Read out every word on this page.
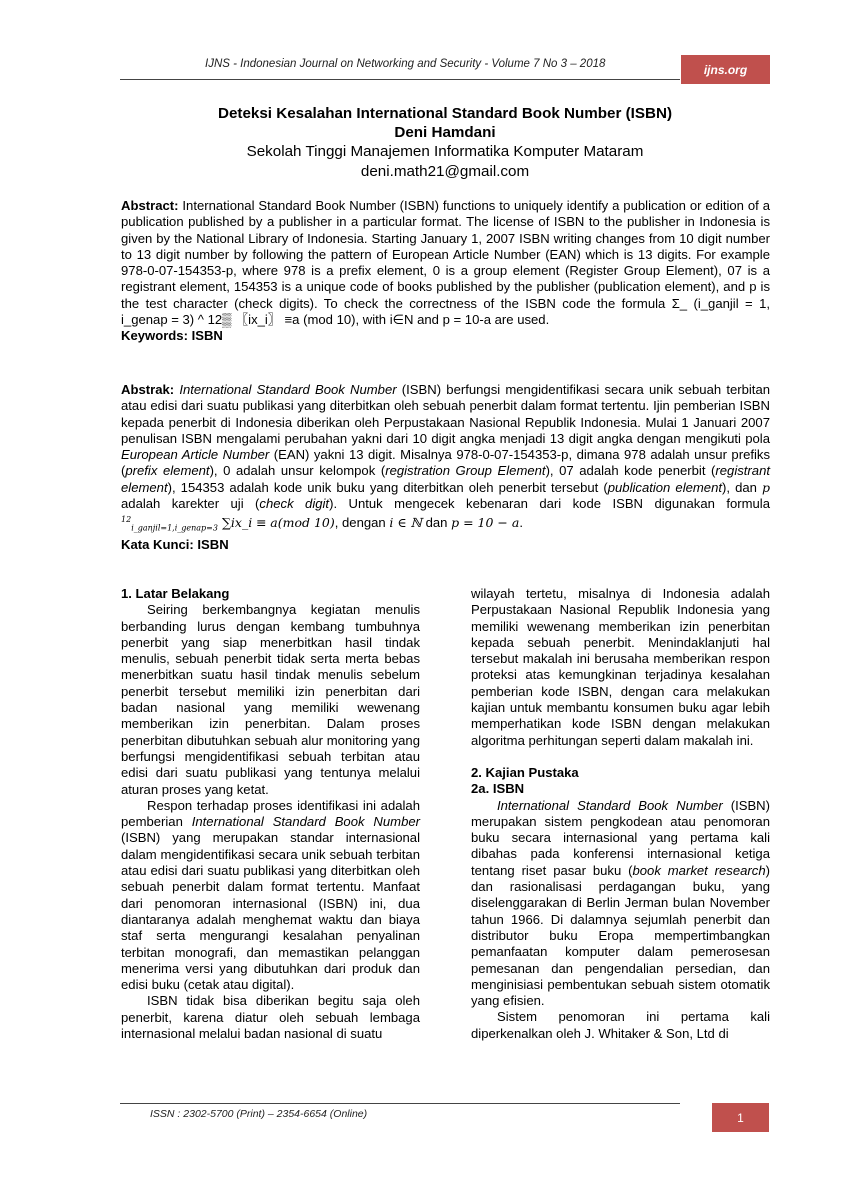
IJNS - Indonesian Journal on Networking and Security - Volume 7 No 3 – 2018	ijns.org
Deteksi Kesalahan International Standard Book Number (ISBN)
Deni Hamdani
Sekolah Tinggi Manajemen Informatika Komputer Mataram
deni.math21@gmail.com
Abstract: International Standard Book Number (ISBN) functions to uniquely identify a publication or edition of a publication published by a publisher in a particular format. The license of ISBN to the publisher in Indonesia is given by the National Library of Indonesia. Starting January 1, 2007 ISBN writing changes from 10 digit number to 13 digit number by following the pattern of European Article Number (EAN) which is 13 digits. For example 978-0-07-154353-p, where 978 is a prefix element, 0 is a group element (Register Group Element), 07 is a registrant element, 154353 is a unique code of books published by the publisher (publication element), and p is the test character (check digits). To check the correctness of the ISBN code the formula Σ_ (i_ganjil = 1, i_genap = 3) ^ 12▒ 〖ix_i〗 ≡a (mod 10), with i∈N and p = 10-a are used.
Keywords: ISBN
Abstrak: International Standard Book Number (ISBN) berfungsi mengidentifikasi secara unik sebuah terbitan atau edisi dari suatu publikasi yang diterbitkan oleh sebuah penerbit dalam format tertentu. Ijin pemberian ISBN kepada penerbit di Indonesia diberikan oleh Perpustakaan Nasional Republik Indonesia. Mulai 1 Januari 2007 penulisan ISBN mengalami perubahan yakni dari 10 digit angka menjadi 13 digit angka dengan mengikuti pola European Article Number (EAN) yakni 13 digit. Misalnya 978-0-07-154353-p, dimana 978 adalah unsur prefiks (prefix element), 0 adalah unsur kelompok (registration Group Element), 07 adalah kode penerbit (registrant element), 154353 adalah kode unik buku yang diterbitkan oleh penerbit tersebut (publication element), dan p adalah karekter uji (check digit). Untuk mengecek kebenaran dari kode ISBN digunakan formula $^{12}_{i\_ganjil=1,i\_genap=3}$ ∑ix_i ≡ a(mod 10), dengan i ∈ ℕ dan p = 10 − a.
Kata Kunci: ISBN

1. Latar Belakang

Seiring berkembangnya kegiatan menulis berbanding lurus dengan kembang tumbuhnya penerbit yang siap menerbitkan hasil tindak menulis, sebuah penerbit tidak serta merta bebas menerbitkan suatu hasil tindak menulis sebelum penerbit tersebut memiliki izin penerbitan dari badan nasional yang memiliki wewenang memberikan izin penerbitan. Dalam proses penerbitan dibutuhkan sebuah alur monitoring yang berfungsi mengidentifikasi sebuah terbitan atau edisi dari suatu publikasi yang tentunya melalui aturan proses yang ketat.

Respon terhadap proses identifikasi ini adalah pemberian International Standard Book Number (ISBN) yang merupakan standar internasional dalam mengidentifikasi secara unik sebuah terbitan atau edisi dari suatu publikasi yang diterbitkan oleh sebuah penerbit dalam format tertentu. Manfaat dari penomoran internasional (ISBN) ini, dua diantaranya adalah menghemat waktu dan biaya staf serta mengurangi kesalahan penyalinan terbitan monografi, dan memastikan pelanggan menerima versi yang dibutuhkan dari produk dan edisi buku (cetak atau digital).

ISBN tidak bisa diberikan begitu saja oleh penerbit, karena diatur oleh sebuah lembaga internasional melalui badan nasional di suatu

wilayah tertetu, misalnya di Indonesia adalah Perpustakaan Nasional Republik Indonesia yang memiliki wewenang memberikan izin penerbitan kepada sebuah penerbit. Menindaklanjuti hal tersebut makalah ini berusaha memberikan respon proteksi atas kemungkinan terjadinya kesalahan pemberian kode ISBN, dengan cara melakukan kajian untuk membantu konsumen buku agar lebih memperhatikan kode ISBN dengan melakukan algoritma perhitungan seperti dalam makalah ini.

2. Kajian Pustaka

2a. ISBN

International Standard Book Number (ISBN) merupakan sistem pengkodean atau penomoran buku secara internasional yang pertama kali dibahas pada konferensi internasional ketiga tentang riset pasar buku (book market research) dan rasionalisasi perdagangan buku, yang diselenggarakan di Berlin Jerman bulan November tahun 1966. Di dalamnya sejumlah penerbit dan distributor buku Eropa mempertimbangkan pemanfaatan komputer dalam pemerosesan pemesanan dan pengendalian persedian, dan menginisiasi pembentukan sebuah sistem otomatik yang efisien.

Sistem penomoran ini pertama kali diperkenalkan oleh J. Whitaker & Son, Ltd di

ISSN : 2302-5700 (Print) – 2354-6654 (Online)	1
